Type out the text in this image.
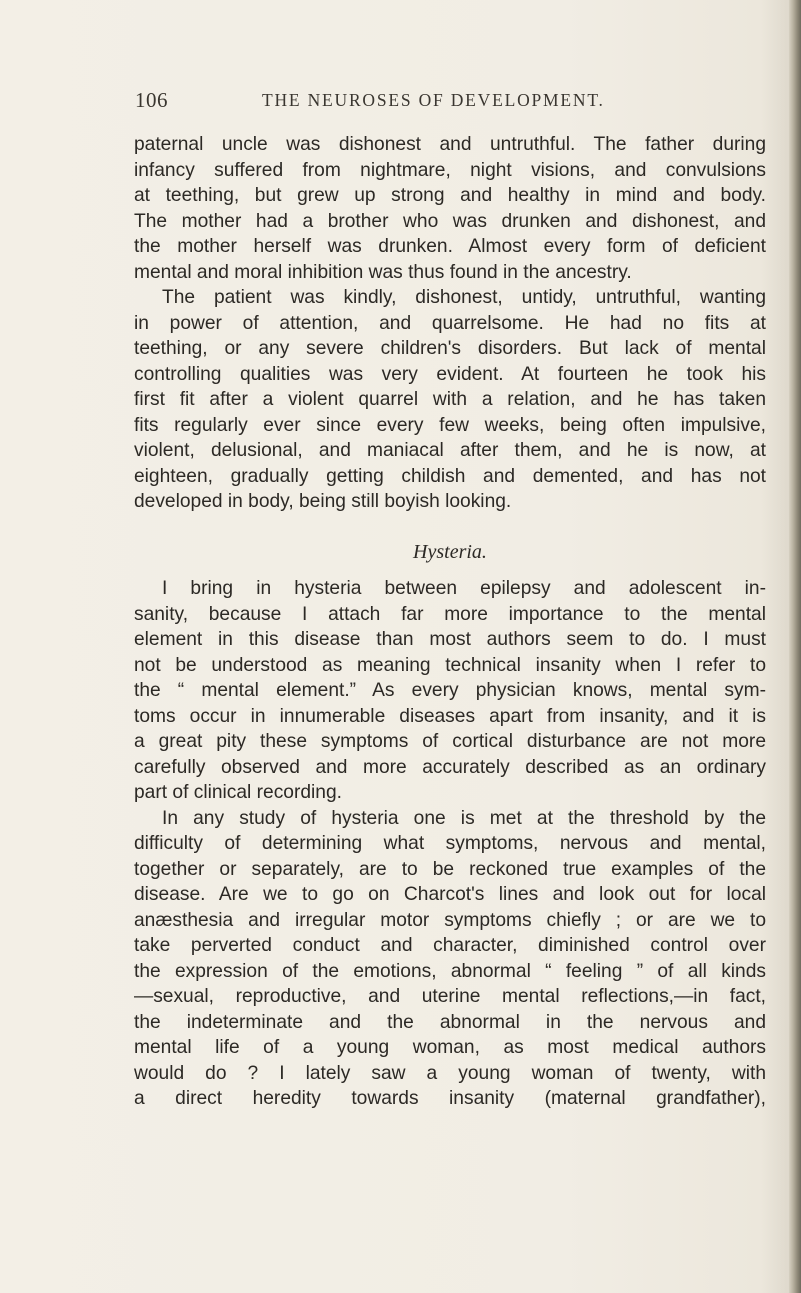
106	THE NEUROSES OF DEVELOPMENT.
paternal uncle was dishonest and untruthful. The father during
infancy suffered from nightmare, night visions, and convulsions
at teething, but grew up strong and healthy in mind and body.
The mother had a brother who was drunken and dishonest, and
the mother herself was drunken. Almost every form of deficient
mental and moral inhibition was thus found in the ancestry.
The patient was kindly, dishonest, untidy, untruthful, wanting
in power of attention, and quarrelsome. He had no fits at
teething, or any severe children's disorders. But lack of mental
controlling qualities was very evident. At fourteen he took his
first fit after a violent quarrel with a relation, and he has taken
fits regularly ever since every few weeks, being often impulsive,
violent, delusional, and maniacal after them, and he is now, at
eighteen, gradually getting childish and demented, and has not
developed in body, being still boyish looking.
Hysteria.
I bring in hysteria between epilepsy and adolescent in-
sanity, because I attach far more importance to the mental
element in this disease than most authors seem to do. I must
not be understood as meaning technical insanity when I refer to
the “ mental element.” As every physician knows, mental sym-
toms occur in innumerable diseases apart from insanity, and it is
a great pity these symptoms of cortical disturbance are not more
carefully observed and more accurately described as an ordinary
part of clinical recording.
In any study of hysteria one is met at the threshold by the
difficulty of determining what symptoms, nervous and mental,
together or separately, are to be reckoned true examples of the
disease. Are we to go on Charcot's lines and look out for local
anæsthesia and irregular motor symptoms chiefly ; or are we to
take perverted conduct and character, diminished control over
the expression of the emotions, abnormal “ feeling ” of all kinds
—sexual, reproductive, and uterine mental reflections,—in fact,
the indeterminate and the abnormal in the nervous and
mental life of a young woman, as most medical authors
would do ? I lately saw a young woman of twenty, with
a direct heredity towards insanity (maternal grandfather),
